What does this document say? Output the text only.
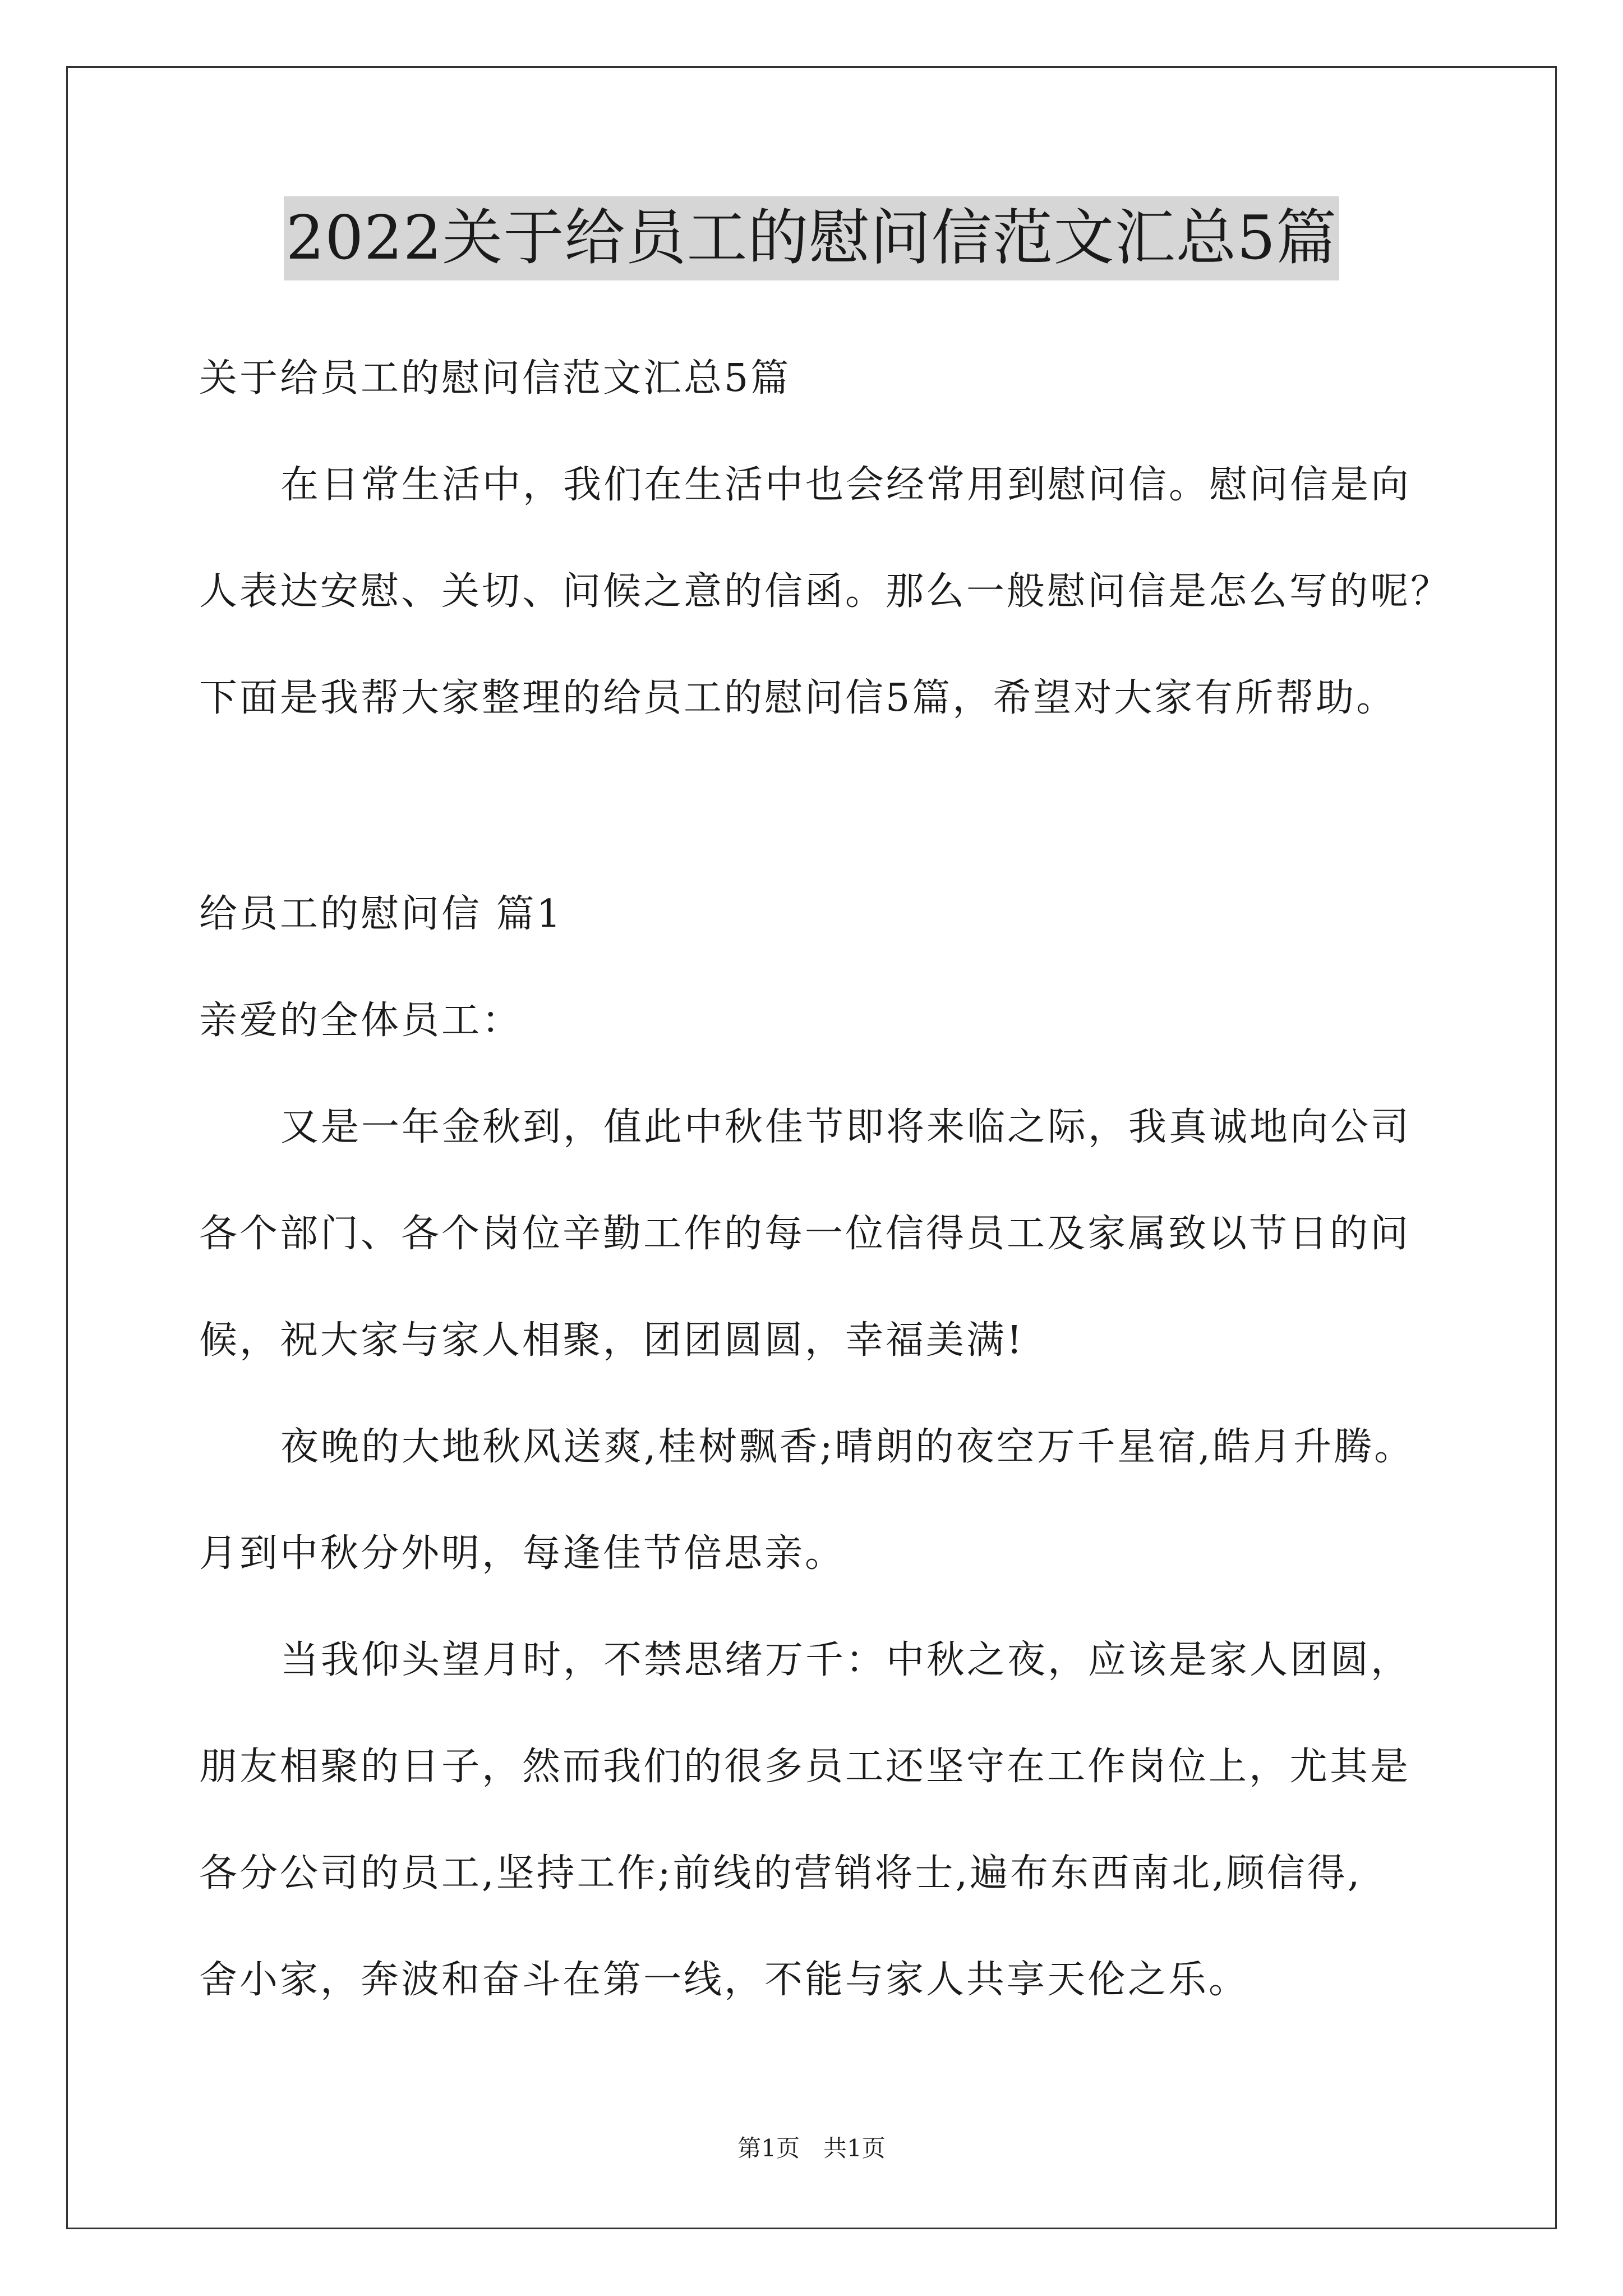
2022关于给员工的慰问信范文汇总5篇
关于给员工的慰问信范文汇总5篇
在日常生活中，我们在生活中也会经常用到慰问信。慰问信是向
人表达安慰、关切、问候之意的信函。那么一般慰问信是怎么写的呢？
下面是我帮大家整理的给员工的慰问信5篇，希望对大家有所帮助。
给员工的慰问信 篇1
亲爱的全体员工：
又是一年金秋到，值此中秋佳节即将来临之际，我真诚地向公司
各个部门、各个岗位辛勤工作的每一位信得员工及家属致以节日的问
候，祝大家与家人相聚，团团圆圆，幸福美满!
夜晚的大地秋风送爽,桂树飘香;晴朗的夜空万千星宿,皓月升腾。
月到中秋分外明，每逢佳节倍思亲。
当我仰头望月时，不禁思绪万千：中秋之夜，应该是家人团圆，
朋友相聚的日子，然而我们的很多员工还坚守在工作岗位上，尤其是
各分公司的员工,坚持工作;前线的营销将士,遍布东西南北,顾信得,
舍小家，奔波和奋斗在第一线，不能与家人共享天伦之乐。
第1页　共1页
